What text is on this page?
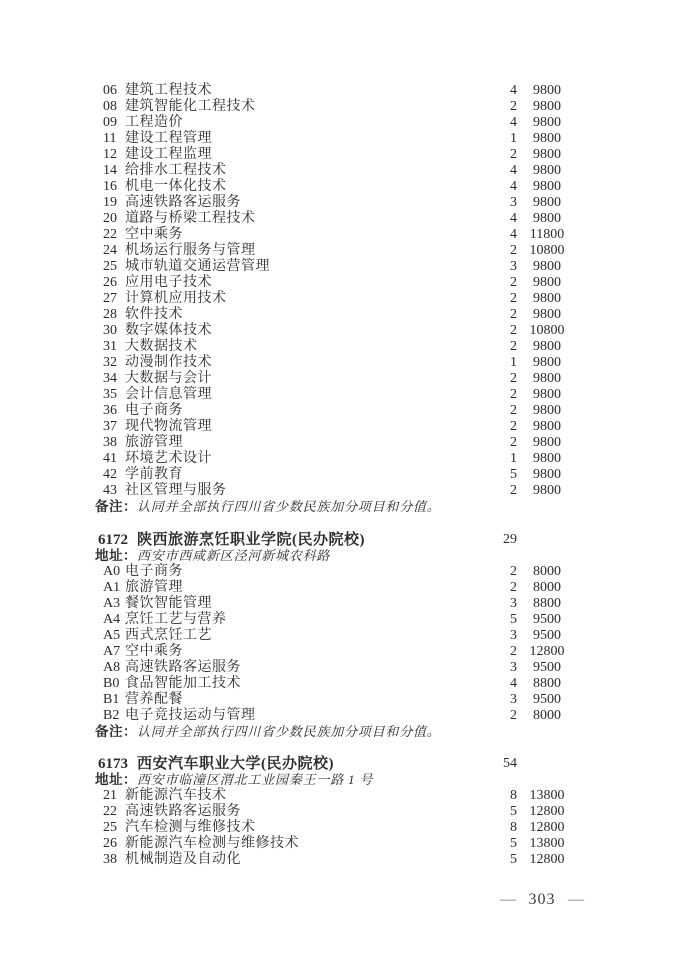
06 建筑工程技术	4	9800
08 建筑智能化工程技术	2	9800
09 工程造价	4	9800
11 建设工程管理	1	9800
12 建设工程监理	2	9800
14 给排水工程技术	4	9800
16 机电一体化技术	4	9800
19 高速铁路客运服务	3	9800
20 道路与桥梁工程技术	4	9800
22 空中乘务	4 11800
24 机场运行服务与管理	2 10800
25 城市轨道交通运营管理	3	9800
26 应用电子技术	2	9800
27 计算机应用技术	2	9800
28 软件技术	2	9800
30 数字媒体技术	2 10800
31 大数据技术	2	9800
32 动漫制作技术	1	9800
34 大数据与会计	2	9800
35 会计信息管理	2	9800
36 电子商务	2	9800
37 现代物流管理	2	9800
38 旅游管理	2	9800
41 环境艺术设计	1	9800
42 学前教育	5	9800
43 社区管理与服务	2	9800
备注：认同并全部执行四川省少数民族加分项目和分值。
6172 陕西旅游烹饪职业学院(民办院校)	29
地址：西安市西咸新区泾河新城农科路
A0 电子商务	2	8000
A1 旅游管理	2	8000
A3 餐饮智能管理	3	8800
A4 烹饪工艺与营养	5	9500
A5 西式烹饪工艺	3	9500
A7 空中乘务	2 12800
A8 高速铁路客运服务	3	9500
B0 食品智能加工技术	4	8800
B1 营养配餐	3	9500
B2 电子竞技运动与管理	2	8000
备注：认同并全部执行四川省少数民族加分项目和分值。
6173 西安汽车职业大学(民办院校)	54
地址：西安市临潼区渭北工业园秦王一路 1 号
21 新能源汽车技术	8 13800
22 高速铁路客运服务	5 12800
25 汽车检测与维修技术	8 12800
26 新能源汽车检测与维修技术	5 13800
38 机械制造及自动化	5 12800
— 303 —
